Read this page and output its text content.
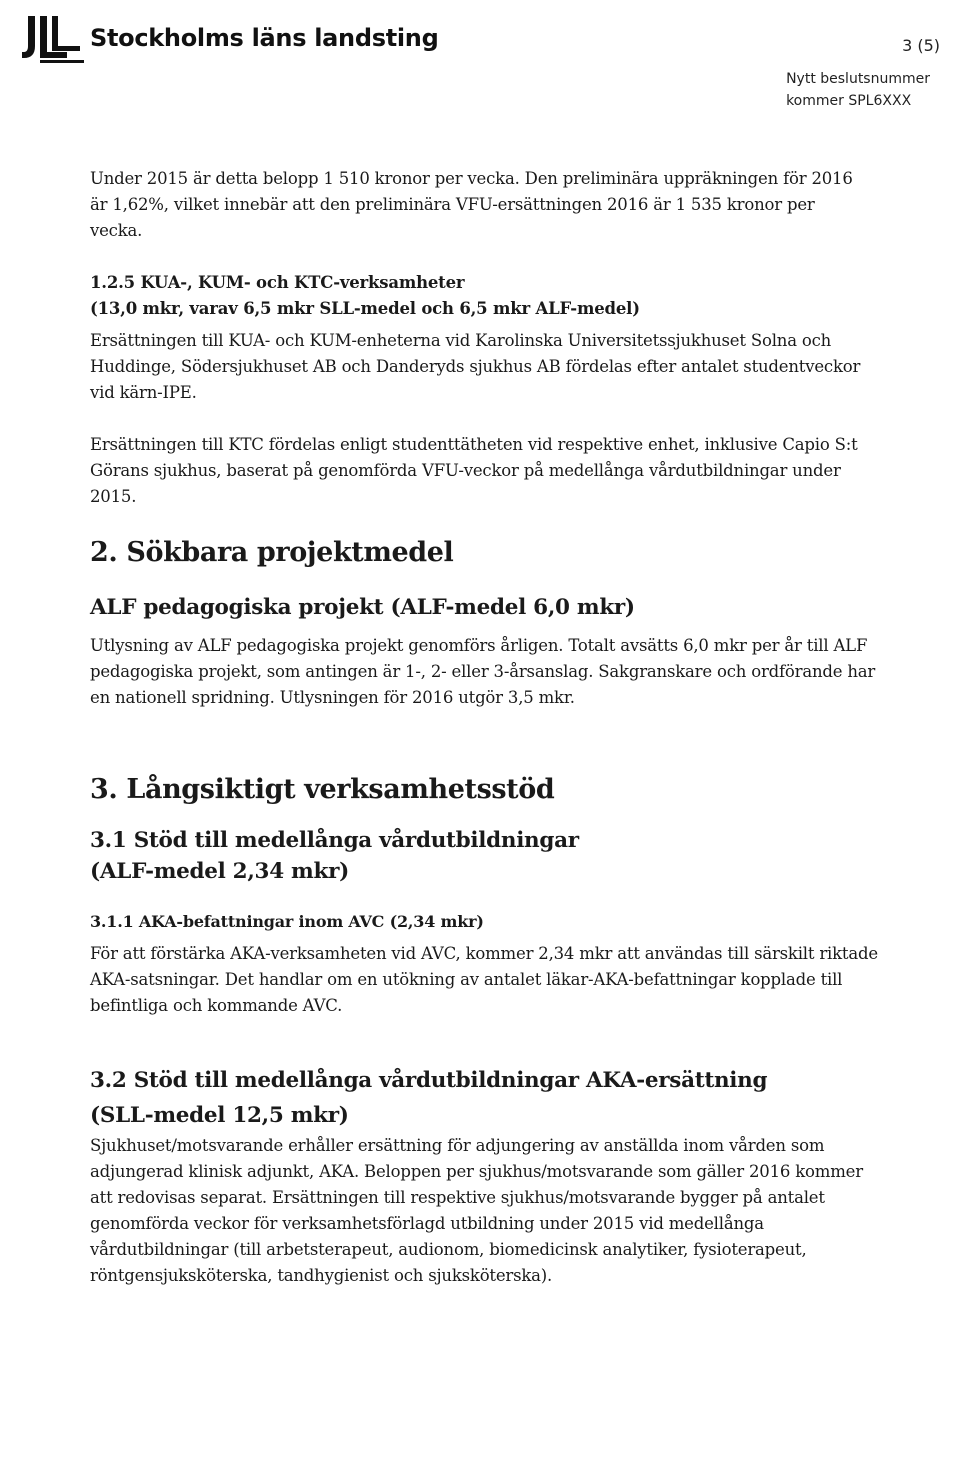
Stockholms läns landsting	3 (5)
Nytt beslutsnummer
kommer SPL6XXX

Under 2015 är detta belopp 1 510 kronor per vecka. Den preliminära uppräkningen för 2016 är 1,62%, vilket innebär att den preliminära VFU-ersättningen 2016 är 1 535 kronor per vecka.

1.2.5 KUA-, KUM- och KTC-verksamheter
(13,0 mkr, varav 6,5 mkr SLL-medel och 6,5 mkr ALF-medel)

Ersättningen till KUA- och KUM-enheterna vid Karolinska Universitetssjukhuset Solna och Huddinge, Södersjukhuset AB och Danderyds sjukhus AB fördelas efter antalet studentveckor vid kärn-IPE.

Ersättningen till KTC fördelas enligt studenttätheten vid respektive enhet, inklusive Capio S:t Görans sjukhus, baserat på genomförda VFU-veckor på medellånga vårdutbildningar under 2015.

2. Sökbara projektmedel
ALF pedagogiska projekt (ALF-medel 6,0 mkr)

Utlysning av ALF pedagogiska projekt genomförs årligen. Totalt avsätts 6,0 mkr per år till ALF pedagogiska projekt, som antingen är 1-, 2- eller 3-årsanslag. Sakgranskare och ordförande har en nationell spridning. Utlysningen för 2016 utgör 3,5 mkr.

3. Långsiktigt verksamhetsstöd
3.1 Stöd till medellånga vårdutbildningar
(ALF-medel 2,34 mkr)
3.1.1 AKA-befattningar inom AVC (2,34 mkr)

För att förstärka AKA-verksamheten vid AVC, kommer 2,34 mkr att användas till särskilt riktade AKA-satsningar. Det handlar om en utökning av antalet läkar-AKA-befattningar kopplade till befintliga och kommande AVC.

3.2 Stöd till medellånga vårdutbildningar AKA-ersättning
(SLL-medel 12,5 mkr)

Sjukhuset/motsvarande erhåller ersättning för adjungering av anställda inom vården som adjungerad klinisk adjunkt, AKA. Beloppen per sjukhus/motsvarande som gäller 2016 kommer att redovisas separat. Ersättningen till respektive sjukhus/motsvarande bygger på antalet genomförda veckor för verksamhetsförlagd utbildning under 2015 vid medellånga vårdutbildningar (till arbetsterapeut, audionom, biomedicinsk analytiker, fysioterapeut, röntgensjuksköterska, tandhygienist och sjuksköterska).
